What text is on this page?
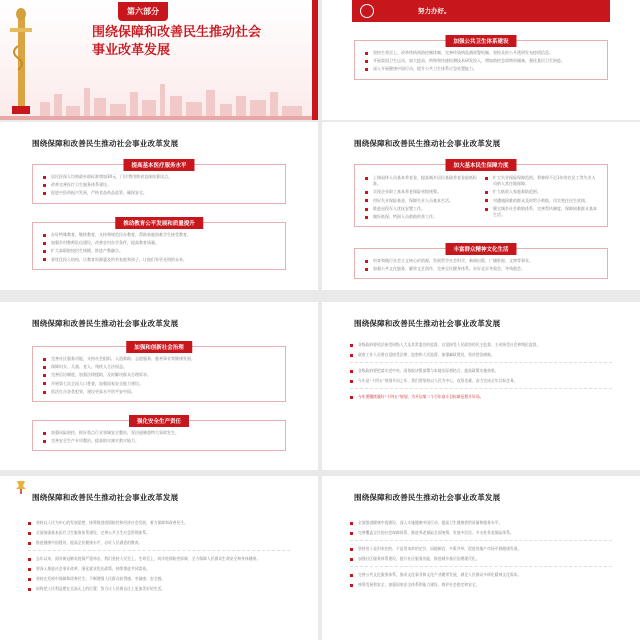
第六部分
围绕保障和改善民生推动社会事业改革发展
努力办好。
加强公共卫生体系建设
坚持生命至上，改革疾病预防控制体制，完善传染病监测预警机制，坚持及时公开透明发布疫情信息。
开展爱国卫生运动，加大疫苗、药物和快速检测技术研发投入，增加防控急需物资储备，强化基层卫生防疫。
深入开展健康中国行动，提升公共卫生体系应急处置能力。
围绕保障和改善民生推动社会事业改革发展
提高基本医疗服务水平
居民医保人均财政补助标准增加30元，门诊费用跨省直接结算试点。
改革完善医疗卫生服务体系建设。
促进中医药振兴发展，严格食品药品监管，确保安全。
推动教育公平发展和质量提升
办好特殊教育、继续教育，支持和规范民办教育，帮助家庭困难学生接受教育。
加强乡村教师队伍建设，改善农村办学条件，提高教育质量。
扩大高职院校招生规模，推进产教融合。
要优化投入结构，让教育资源惠及所有家庭和孩子，让他们有更光明的未来。
围绕保障和改善民生推动社会事业改革发展
加大基本民生保障力度
上调退休人员基本养老金，提高城乡居民基础养老金最低标准。
实现企业职工基本养老保险省级统筹。
用好失业保险基金，保障失业人员基本生活。
推进退役军人优抚安置工作。
做好低保、特困人员救助供养工作。
扩大失业保险保障范围，将参保不足1年的农民工等失业人员纳入常住地保障。
扩大低收入家庭救助范围。
对遭遇困难的群众及时给予救助，切实兜住民生底线。
健全城乡社会救助体系，完善帮扶制度，保障困难群众基本生活。
丰富群众精神文化生活
培育和践行社会主义核心价值观，发展哲学社会科学、新闻出版、广播影视、文物等事业。
加强公共文化服务，繁荣文艺创作，完善全民健身体系，办好北京冬奥会、冬残奥会。
围绕保障和改善民生推动社会事业改革发展
加强和创新社会治理
完善社区服务功能，支持社会组织、人道救助、志愿服务、慈善事业等健康发展。
保障妇女、儿童、老人、残疾人合法权益。
完善信访制度，加强法律援助，及时解决群众合理诉求。
开展第七次全国人口普查，加强国家安全能力建设。
依法打击各类犯罪，建设更高水平的平安中国。
强化安全生产责任
加强风险防控，抓好重点行业领域安全整治，坚决遏制重特大事故发生。
完善安全生产专项整治，提高防灾减灾救灾能力。
围绕保障和改善民生推动社会事业改革发展
各级政府要依法接受同级人大及其常委会的监督，自觉接受人民政协的民主监督，主动接受社会和舆论监督。
政府工作人员要自觉接受法律、监察和人民监督，加强廉政建设，坚决惩治腐败。
各级政府要把落实党中央、国务院决策部署与本地实际相结合，提高政策实施效果。
今年是“十四五”规划开局之年，我们要坚持以人民为中心，攻坚克难，奋力完成全年目标任务。
今年要继续做好“十四五”规划，为开启第二个百年奋斗目标新征程开好局。
围绕保障和改善民生推动社会事业改革发展
坚持以人民为中心的发展思想，统筹推进疫情防控和经济社会发展，着力保障和改善民生。
全面加强基本医疗卫生服务体系建设，完善公共卫生应急管理体系。
推进健康中国建设，提高全民健康水平，办好人民满意的教育。
去年以来，面对新冠肺炎疫情严重冲击，我们坚持人民至上、生命至上，筑牢疫情防控屏障，全力保障人民群众生命安全和身体健康。
要深入推进社会事业改革，强化就业优先政策，持续推进共同富裕。
坚持在发展中保障和改善民生，不断增强人民群众获得感、幸福感、安全感。
始终把人民利益摆在至高无上的位置，努力让人民群众过上更加美好的生活。
围绕保障和改善民生推动社会事业改革发展
全面推进健康中国建设，深入实施健康中国行动，提高卫生健康供给质量和服务水平。
完善覆盖全民的社会保障体系，推进养老保险全国统筹，发展多层次、多支柱养老保险体系。
坚持房子是用来住的、不是用来炒的定位，因地制宜、多策并举，促进房地产市场平稳健康发展。
加强社区服务体系建设，提升社区服务功能，推进城乡基层治理现代化。
完善公共文化服务体系，推动文化事业和文化产业繁荣发展，满足人民群众多样化精神文化需求。
统筹发展和安全，加强国家安全体系和能力建设，维护社会稳定和安全。
